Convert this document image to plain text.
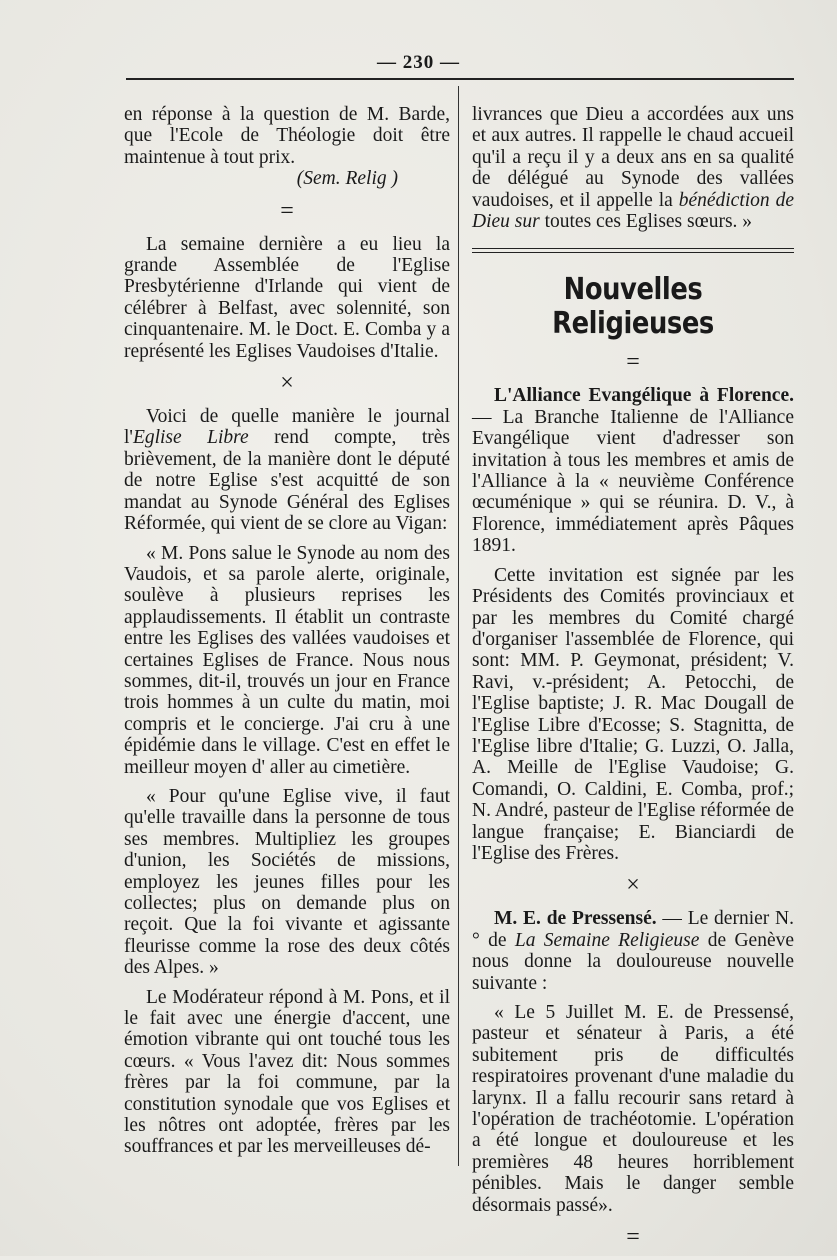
— 230 —

en réponse à la question de M. Barde, que l'Ecole de Théologie doit être maintenue à tout prix.

(Sem. Relig )

=

La semaine dernière a eu lieu la grande Assemblée de l'Eglise Presbytérienne d'Irlande qui vient de célébrer à Belfast, avec solennité, son cinquantenaire. M. le Doct. E. Comba y a représenté les Eglises Vaudoises d'Italie.

×

Voici de quelle manière le journal l'Eglise Libre rend compte, très brièvement, de la manière dont le député de notre Eglise s'est acquitté de son mandat au Synode Général des Eglises Réformée, qui vient de se clore au Vigan:

« M. Pons salue le Synode au nom des Vaudois, et sa parole alerte, originale, soulève à plusieurs reprises les applaudissements. Il établit un contraste entre les Eglises des vallées vaudoises et certaines Eglises de France. Nous nous sommes, dit-il, trouvés un jour en France trois hommes à un culte du matin, moi compris et le concierge. J'ai cru à une épidémie dans le village. C'est en effet le meilleur moyen d' aller au cimetière.

« Pour qu'une Eglise vive, il faut qu'elle travaille dans la personne de tous ses membres. Multipliez les groupes d'union, les Sociétés de missions, employez les jeunes filles pour les collectes; plus on demande plus on reçoit. Que la foi vivante et agissante fleurisse comme la rose des deux côtés des Alpes. »

Le Modérateur répond à M. Pons, et il le fait avec une énergie d'accent, une émotion vibrante qui ont touché tous les cœurs. « Vous l'avez dit: Nous sommes frères par la foi commune, par la constitution synodale que vos Eglises et les nôtres ont adoptée, frères par les souffrances et par les merveilleuses dé-

livrances que Dieu a accordées aux uns et aux autres. Il rappelle le chaud accueil qu'il a reçu il y a deux ans en sa qualité de délégué au Synode des vallées vaudoises, et il appelle la bénédiction de Dieu sur toutes ces Eglises sœurs. »

Nouvelles Religieuses
=

L'Alliance Evangélique à Florence. — La Branche Italienne de l'Alliance Evangélique vient d'adresser son invitation à tous les membres et amis de l'Alliance à la « neuvième Conférence œcuménique » qui se réunira. D. V., à Florence, immédiatement après Pâques 1891.

Cette invitation est signée par les Présidents des Comités provinciaux et par les membres du Comité chargé d'organiser l'assemblée de Florence, qui sont: MM. P. Geymonat, président; V. Ravi, v.-président; A. Petocchi, de l'Eglise baptiste; J. R. Mac Dougall de l'Eglise Libre d'Ecosse; S. Stagnitta, de l'Eglise libre d'Italie; G. Luzzi, O. Jalla, A. Meille de l'Eglise Vaudoise; G. Comandi, O. Caldini, E. Comba, prof.; N. André, pasteur de l'Eglise réformée de langue française; E. Bianciardi de l'Eglise des Frères.

×

M. E. de Pressensé. — Le dernier N.° de La Semaine Religieuse de Genève nous donne la douloureuse nouvelle suivante :

« Le 5 Juillet M. E. de Pressensé, pasteur et sénateur à Paris, a été subitement pris de difficultés respiratoires provenant d'une maladie du larynx. Il a fallu recourir sans retard à l'opération de trachéotomie. L'opération a été longue et douloureuse et les premières 48 heures horriblement pénibles. Mais le danger semble désormais passé».

=
